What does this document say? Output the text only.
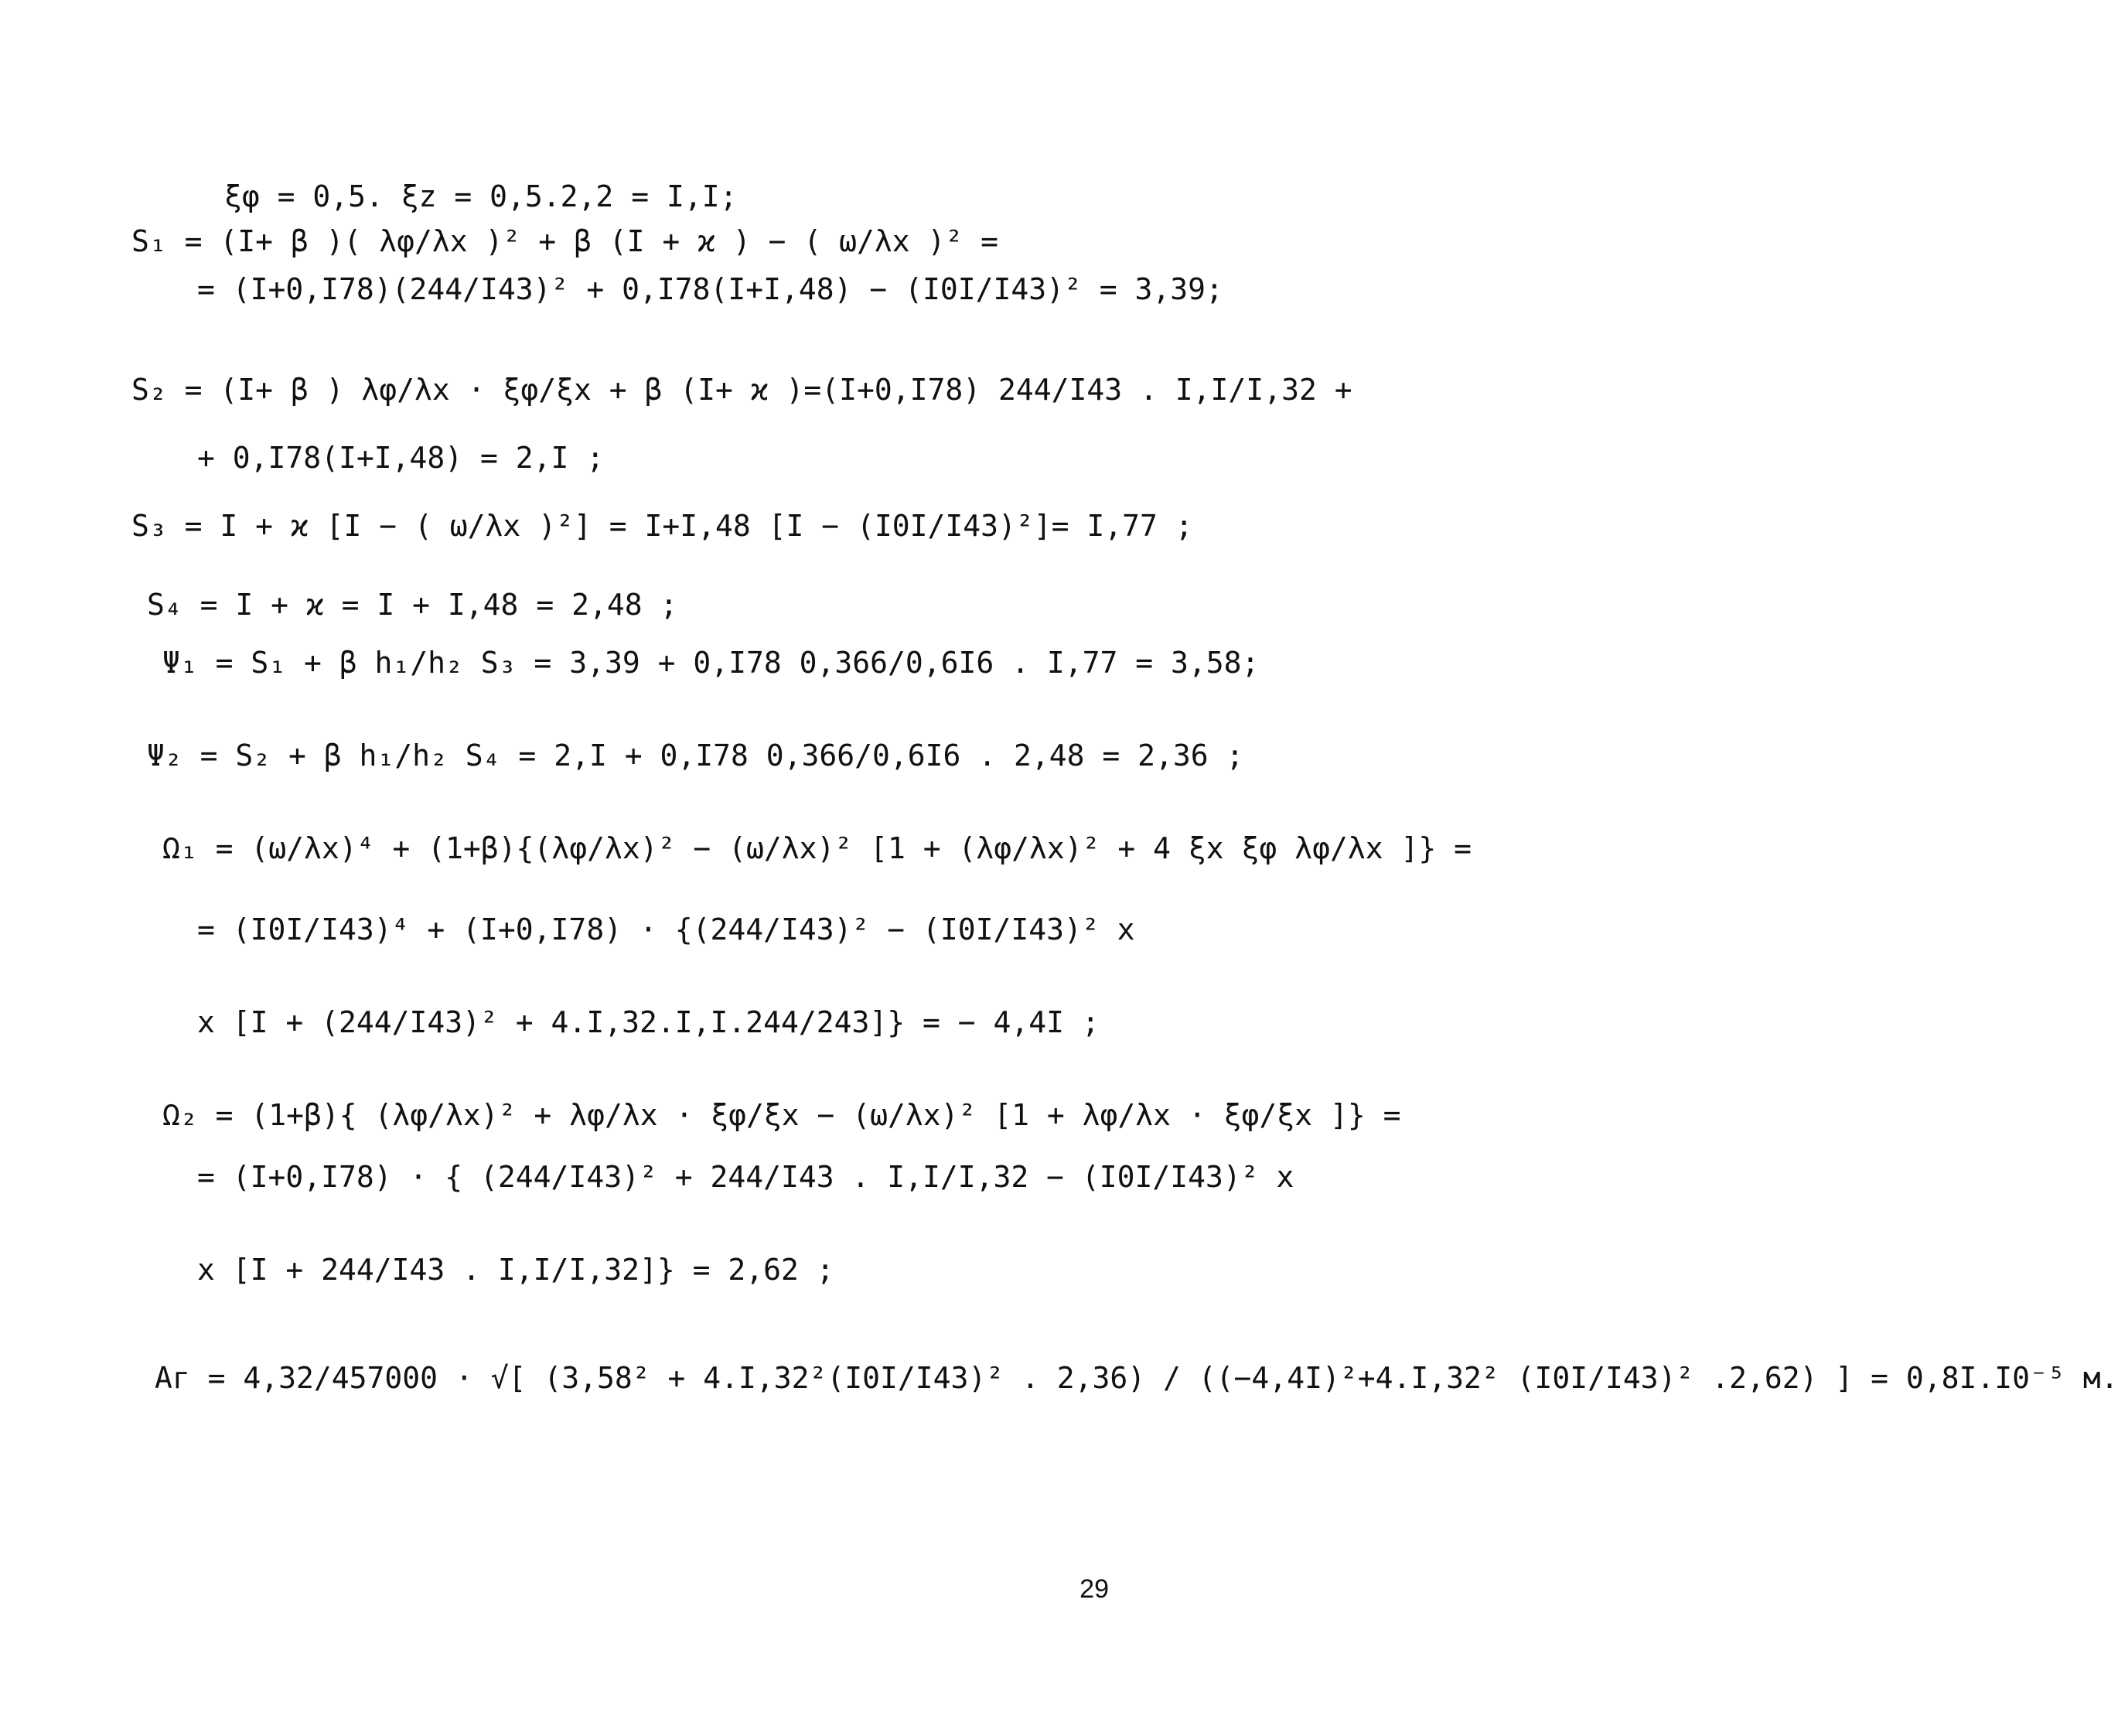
ξφ = 0,5. ξz = 0,5.2,2 = I,I;
S₁ = (I+ β )( λφ/λx )² + β (I + ϰ ) − ( ω/λx )² =
= (I+0,I78)(244/I43)² + 0,I78(I+I,48) − (I0I/I43)² = 3,39;
S₂ = (I+ β ) λφ/λx · ξφ/ξx + β (I+ ϰ )=(I+0,I78) 244/I43 . I,I/I,32 +
+ 0,I78(I+I,48) = 2,I ;
S₃ = I + ϰ [I − ( ω/λx )²] = I+I,48 [I − (I0I/I43)²]= I,77 ;
S₄ = I + ϰ = I + I,48 = 2,48 ;
Ψ₁ = S₁ + β h₁/h₂ S₃ = 3,39 + 0,I78 0,366/0,6I6 . I,77 = 3,58;
Ψ₂ = S₂ + β h₁/h₂ S₄ = 2,I + 0,I78 0,366/0,6I6 . 2,48 = 2,36 ;
Ω₁ = (ω/λx)⁴ + (1+β){(λφ/λx)² − (ω/λx)² [1 + (λφ/λx)² + 4 ξx ξφ λφ/λx ]} =
= (I0I/I43)⁴ + (I+0,I78) · {(244/I43)² − (I0I/I43)² x
x [I + (244/I43)² + 4.I,32.I,I.244/243]} = − 4,4I ;
Ω₂ = (1+β){ (λφ/λx)² + λφ/λx · ξφ/ξx − (ω/λx)² [1 + λφ/λx · ξφ/ξx ]} =
= (I+0,I78) · { (244/I43)² + 244/I43 . I,I/I,32 − (I0I/I43)² x
x [I + 244/I43 . I,I/I,32]} = 2,62 ;
Aг = 4,32/457000 · √[ (3,58² + 4.I,32²(I0I/I43)² . 2,36) / ((−4,4I)²+4.I,32² (I0I/I43)² .2,62) ] = 0,8I.I0⁻⁵ м.
29
